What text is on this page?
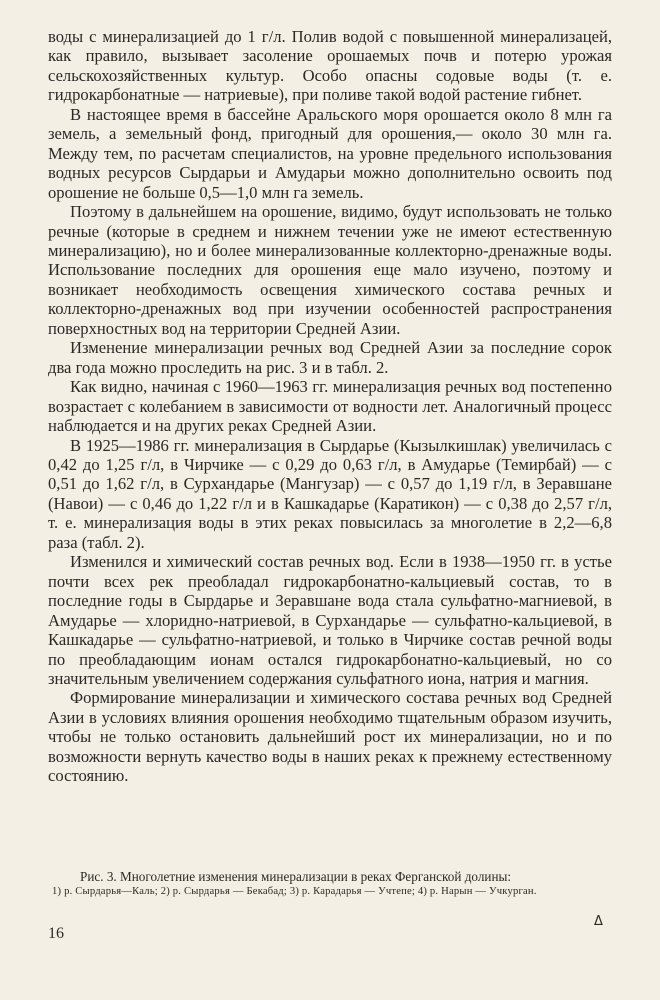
воды с минерализацией до 1 г/л. Полив водой с повышенной минерализацей, как правило, вызывает засоление орошаемых почв и потерю урожая сельскохозяйственных культур. Особо опасны содовые воды (т. е. гидрокарбонатные — натриевые), при поливе такой водой растение гибнет.

В настоящее время в бассейне Аральского моря орошается около 8 млн га земель, а земельный фонд, пригодный для орошения,— около 30 млн га. Между тем, по расчетам специалистов, на уровне предельного использования водных ресурсов Сырдарьи и Амударьи можно дополнительно освоить под орошение не больше 0,5—1,0 млн га земель.

Поэтому в дальнейшем на орошение, видимо, будут использовать не только речные (которые в среднем и нижнем течении уже не имеют естественную минерализацию), но и более минерализованные коллекторно-дренажные воды. Использование последних для орошения еще мало изучено, поэтому и возникает необходимость освещения химического состава речных и коллекторно-дренажных вод при изучении особенностей распространения поверхностных вод на территории Средней Азии.

Изменение минерализации речных вод Средней Азии за последние сорок два года можно проследить на рис. 3 и в табл. 2.

Как видно, начиная с 1960—1963 гг. минерализация речных вод постепенно возрастает с колебанием в зависимости от водности лет. Аналогичный процесс наблюдается и на других реках Средней Азии.

В 1925—1986 гг. минерализация в Сырдарье (Кызылкишлак) увеличилась с 0,42 до 1,25 г/л, в Чирчике — с 0,29 до 0,63 г/л, в Амударье (Темирбай) — с 0,51 до 1,62 г/л, в Сурхандарье (Мангузар) — с 0,57 до 1,19 г/л, в Зеравшане (Навои) — с 0,46 до 1,22 г/л и в Кашкадарье (Каратикон) — с 0,38 до 2,57 г/л, т. е. минерализация воды в этих реках повысилась за многолетие в 2,2—6,8 раза (табл. 2).

Изменился и химический состав речных вод. Если в 1938—1950 гг. в устье почти всех рек преобладал гидрокарбонатно-кальциевый состав, то в последние годы в Сырдарье и Зеравшане вода стала сульфатно-магниевой, в Амударье — хлоридно-натриевой, в Сурхандарье — сульфатно-кальциевой, в Кашкадарье — сульфатно-натриевой, и только в Чирчике состав речной воды по преобладающим ионам остался гидрокарбонатно-кальциевый, но со значительным увеличением содержания сульфатного иона, натрия и магния.

Формирование минерализации и химического состава речных вод Средней Азии в условиях влияния орошения необходимо тщательным образом изучить, чтобы не только остановить дальнейший рост их минерализации, но и по возможности вернуть качество воды в наших реках к прежнему естественному состоянию.

Рис. 3. Многолетние изменения минерализации в реках Ферганской долины:

1) р. Сырдарья—Каль; 2) р. Сырдарья — Бекабад; 3) р. Карадарья — Учтепе; 4) р. Нарын — Учкурган.

Δ
16
